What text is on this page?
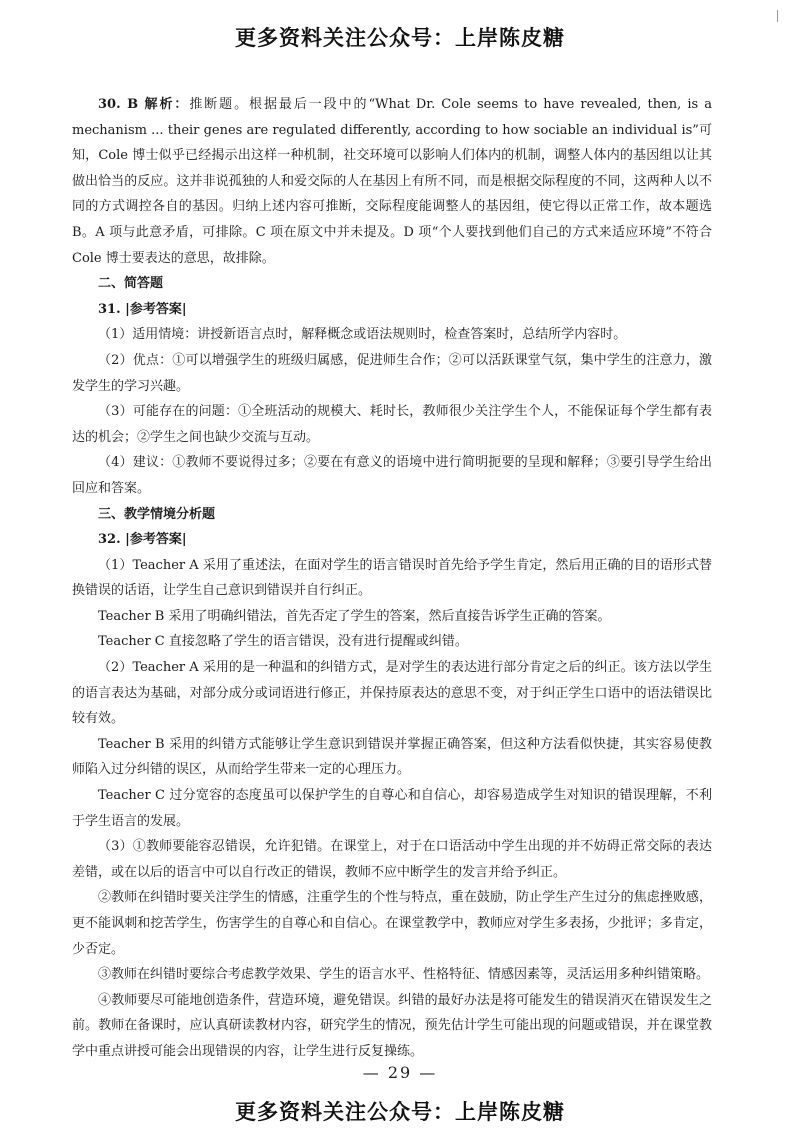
更多资料关注公众号：上岸陈皮糖

30. B 解析：推断题。根据最后一段中的“What Dr. Cole seems to have revealed, then, is a mechanism ... their genes are regulated differently, according to how sociable an individual is”可知，Cole 博士似乎已经揭示出这样一种机制，社交环境可以影响人们体内的机制，调整人体内的基因组以让其做出恰当的反应。这并非说孤独的人和爱交际的人在基因上有所不同，而是根据交际程度的不同，这两种人以不同的方式调控各自的基因。归纳上述内容可推断，交际程度能调整人的基因组，使它得以正常工作，故本题选 B。A 项与此意矛盾，可排除。C 项在原文中并未提及。D 项“个人要找到他们自己的方式来适应环境”不符合 Cole 博士要表达的意思，故排除。

二、简答题

31. |参考答案|

（1）适用情境：讲授新语言点时，解释概念或语法规则时，检查答案时，总结所学内容时。

（2）优点：①可以增强学生的班级归属感，促进师生合作；②可以活跃课堂气氛，集中学生的注意力，激发学生的学习兴趣。

（3）可能存在的问题：①全班活动的规模大、耗时长，教师很少关注学生个人，不能保证每个学生都有表达的机会；②学生之间也缺少交流与互动。

（4）建议：①教师不要说得过多；②要在有意义的语境中进行简明扼要的呈现和解释；③要引导学生给出回应和答案。

三、教学情境分析题

32. |参考答案|

（1）Teacher A 采用了重述法，在面对学生的语言错误时首先给予学生肯定，然后用正确的目的语形式替换错误的话语，让学生自己意识到错误并自行纠正。

Teacher B 采用了明确纠错法，首先否定了学生的答案，然后直接告诉学生正确的答案。

Teacher C 直接忽略了学生的语言错误，没有进行提醒或纠错。

（2）Teacher A 采用的是一种温和的纠错方式，是对学生的表达进行部分肯定之后的纠正。该方法以学生的语言表达为基础，对部分成分或词语进行修正，并保持原表达的意思不变，对于纠正学生口语中的语法错误比较有效。

Teacher B 采用的纠错方式能够让学生意识到错误并掌握正确答案，但这种方法看似快捷，其实容易使教师陷入过分纠错的误区，从而给学生带来一定的心理压力。

Teacher C 过分宽容的态度虽可以保护学生的自尊心和自信心，却容易造成学生对知识的错误理解，不利于学生语言的发展。

（3）①教师要能容忍错误，允许犯错。在课堂上，对于在口语活动中学生出现的并不妨碍正常交际的表达差错，或在以后的语言中可以自行改正的错误，教师不应中断学生的发言并给予纠正。

②教师在纠错时要关注学生的情感，注重学生的个性与特点，重在鼓励，防止学生产生过分的焦虑挫败感，更不能讽刺和挖苦学生，伤害学生的自尊心和自信心。在课堂教学中，教师应对学生多表扬，少批评；多肯定，少否定。

③教师在纠错时要综合考虑教学效果、学生的语言水平、性格特征、情感因素等，灵活运用多种纠错策略。

④教师要尽可能地创造条件，营造环境，避免错误。纠错的最好办法是将可能发生的错误消灭在错误发生之前。教师在备课时，应认真研读教材内容，研究学生的情况，预先估计学生可能出现的问题或错误，并在课堂教学中重点讲授可能会出现错误的内容，让学生进行反复操练。

— 29 —
更多资料关注公众号：上岸陈皮糖
